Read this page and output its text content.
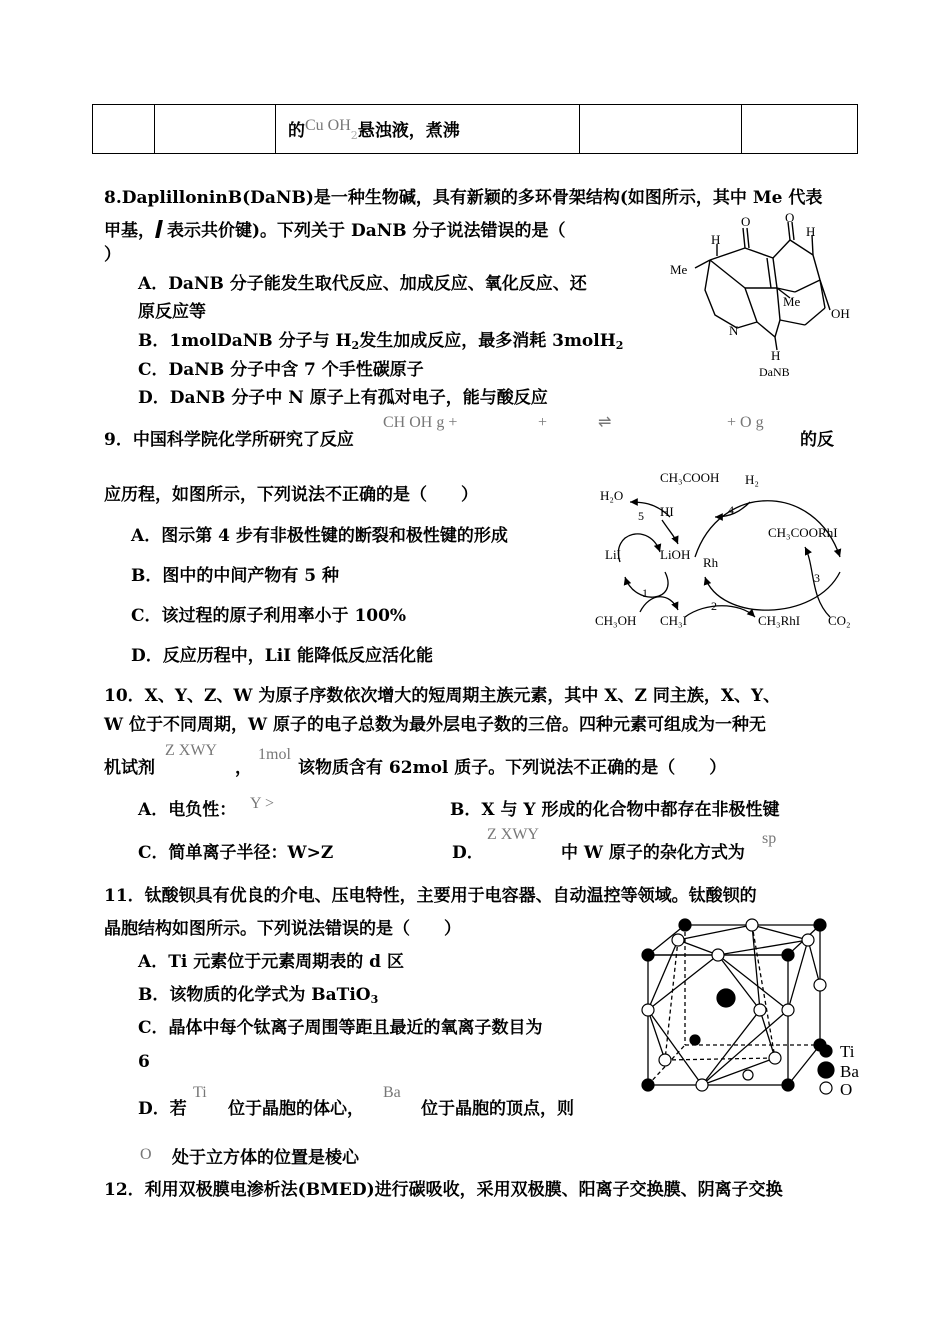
		的Cu $OH_2$悬浊液，煮沸		
8.DaplilloninB(DaNB)是一种生物碱，具有新颖的多环骨架结构(如图所示，其中 Me 代表
甲基， 表示共价键)。下列关于 DaNB 分子说法错误的是（
）
A．DaNB 分子能发生取代反应、加成反应、氧化反应、还
原反应等
B．1molDaNB 分子与 $H_2$发生加成反应，最多消耗 3molH$_2$
C．DaNB 分子中含 7 个手性碳原子
D．DaNB 分子中 N 原子上有孤对电子，能与酸反应
H
O	O
H
Me
Me
OH
N
H
DaNB
9．中国科学院化学所研究了反应
CH OH g +	+	⇌	+ O g
的反
应历程，如图所示，下列说法不正确的是（　　）
A．图示第 4 步有非极性键的断裂和极性键的形成
B．图中的中间产物有 5 种
C．该过程的原子利用率小于 100%
D．反应历程中，LiI 能降低反应活化能
CH₃COOH H₂
H₂O
HI
CH₃COORhI
LiI	LiOH
Rh
CH₃OH CH₃I	CH₃RhI CO₂
5	4
3
2
1
10．X、Y、Z、W 为原子序数依次增大的短周期主族元素，其中 X、Z 同主族，X、Y、
W 位于不同周期，W 原子的电子总数为最外层电子数的三倍。四种元素可组成为一种无
机试剂
Z XWY
，
1mol
该物质含有 62mol 质子。下列说法不正确的是（　　）
A．电负性： Y >	B．X 与 Y 形成的化合物中都存在非极性键
C．简单离子半径：W>Z	D．
Z XWY
中 W 原子的杂化方式为
sp
11．钛酸钡具有优良的介电、压电特性，主要用于电容器、自动温控等领域。钛酸钡的
晶胞结构如图所示。下列说法错误的是（　　）
A．Ti 元素位于元素周期表的 d 区
B．该物质的化学式为 BaTiO$_3$
C．晶体中每个钛离子周围等距且最近的氧离子数目为
6
D．若
Ti
位于晶胞的体心，
Ba
位于晶胞的顶点，则
O 处于立方体的位置是棱心
Ti
Ba
O
12．利用双极膜电渗析法(BMED)进行碳吸收，采用双极膜、阳离子交换膜、阴离子交换
